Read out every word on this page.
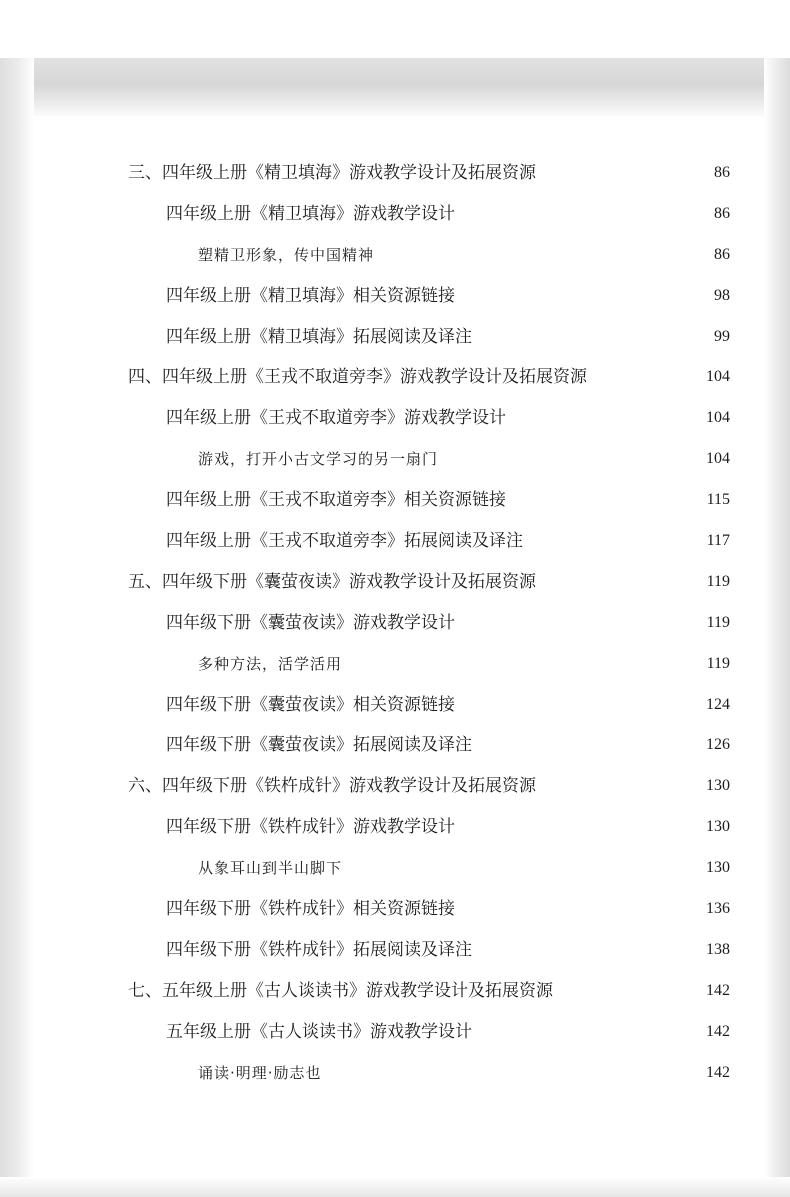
三、四年级上册《精卫填海》游戏教学设计及拓展资源	86
四年级上册《精卫填海》游戏教学设计	86
塑精卫形象，传中国精神	86
四年级上册《精卫填海》相关资源链接	98
四年级上册《精卫填海》拓展阅读及译注	99
四、四年级上册《王戎不取道旁李》游戏教学设计及拓展资源	104
四年级上册《王戎不取道旁李》游戏教学设计	104
游戏，打开小古文学习的另一扇门	104
四年级上册《王戎不取道旁李》相关资源链接	115
四年级上册《王戎不取道旁李》拓展阅读及译注	117
五、四年级下册《囊萤夜读》游戏教学设计及拓展资源	119
四年级下册《囊萤夜读》游戏教学设计	119
多种方法，活学活用	119
四年级下册《囊萤夜读》相关资源链接	124
四年级下册《囊萤夜读》拓展阅读及译注	126
六、四年级下册《铁杵成针》游戏教学设计及拓展资源	130
四年级下册《铁杵成针》游戏教学设计	130
从象耳山到半山脚下	130
四年级下册《铁杵成针》相关资源链接	136
四年级下册《铁杵成针》拓展阅读及译注	138
七、五年级上册《古人谈读书》游戏教学设计及拓展资源	142
五年级上册《古人谈读书》游戏教学设计	142
诵读·明理·励志也	142
